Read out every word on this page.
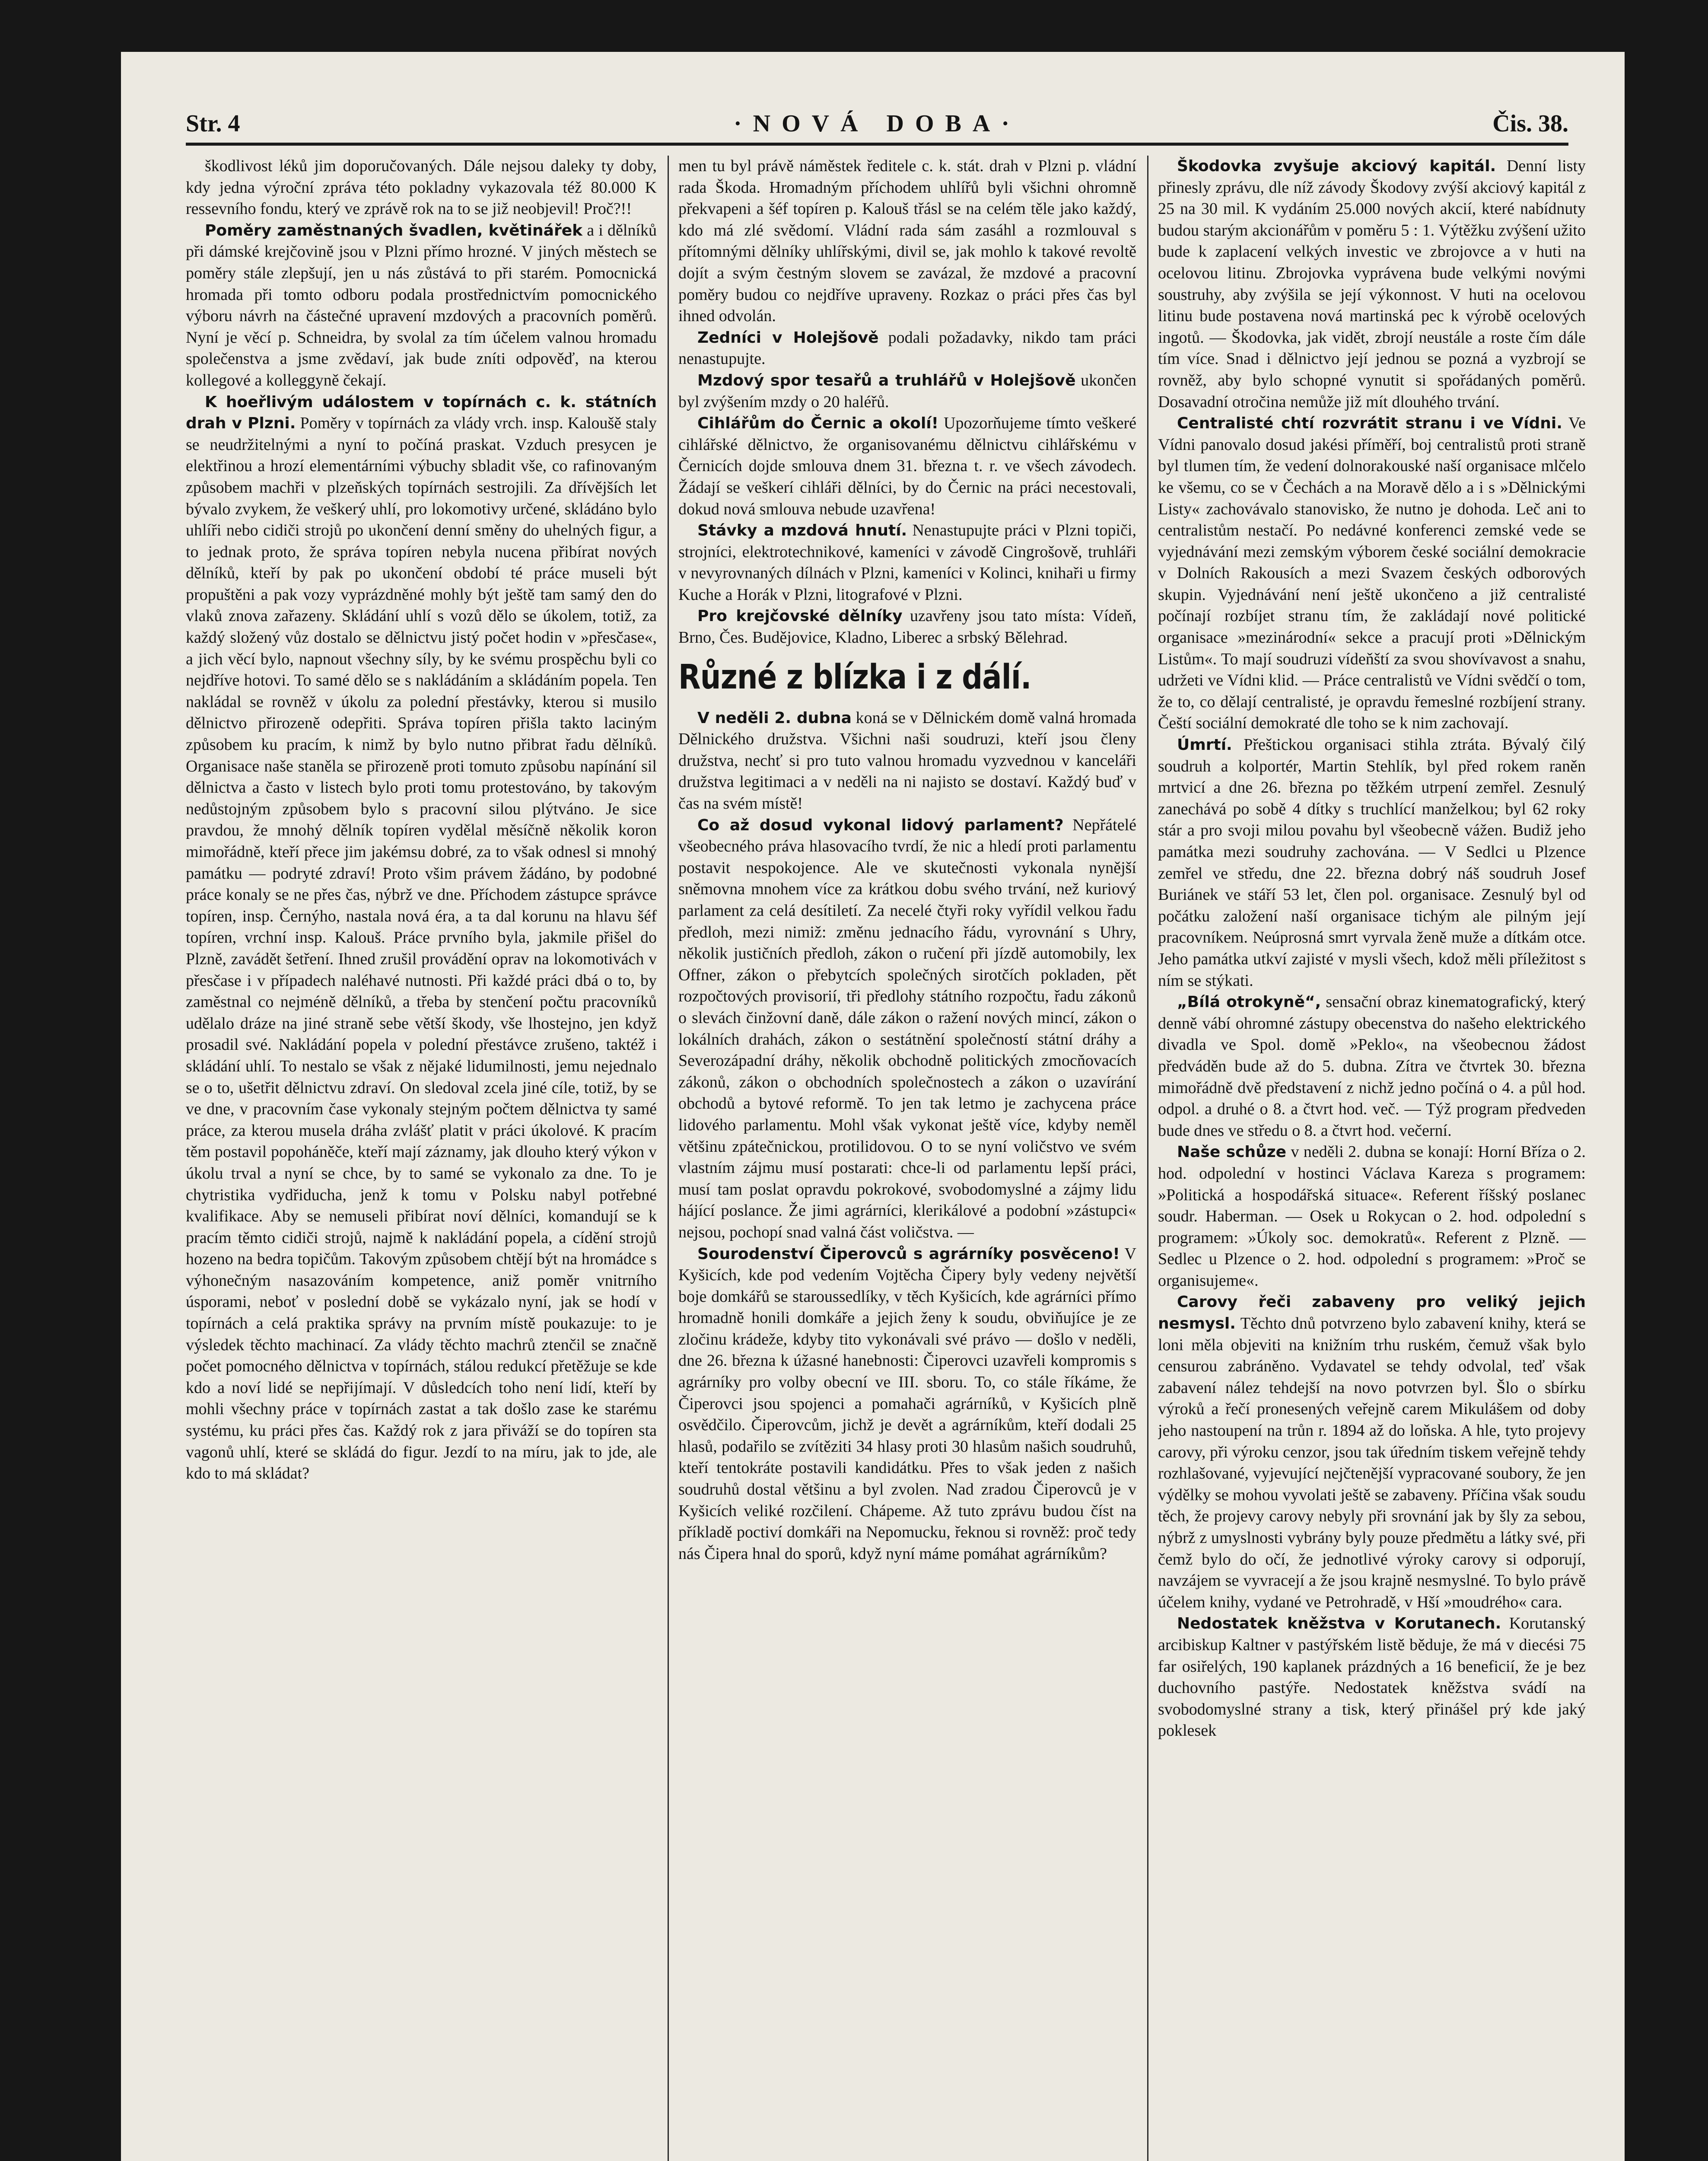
Str. 4	·NOVÁ DOBA·	Čis. 38.

škodlivost léků jim doporučovaných. Dále nejsou daleky ty doby, kdy jedna výroční zpráva této pokladny vykazovala též 80.000 K ressevního fondu, který ve zprávě rok na to se již neobjevil! Proč?!!

Poměry zaměstnaných švadlen, květinářek a i dělníků při dámské krejčovině jsou v Plzni přímo hrozné. V jiných městech se poměry stále zlepšují, jen u nás zůstává to při starém. Pomocnická hromada při tomto odboru podala prostřednictvím pomocnického výboru návrh na částečné upravení mzdových a pracovních poměrů. Nyní je věcí p. Schneidra, by svolal za tím účelem valnou hromadu společenstva a jsme zvědaví, jak bude zníti odpověď, na kterou kollegové a kolleggyně čekají.

K hoeřlivým událostem v topírnách c. k. státních drah v Plzni. Poměry v topírnách za vlády vrch. insp. Kaloušě staly se neudržitelnými a nyní to počíná praskat. Vzduch presycen je elektřinou a hrozí elementárními výbuchy sbladit vše, co rafinovaným způsobem machři v plzeňských topírnách sestrojili. Za dřívějších let bývalo zvykem, že veškerý uhlí, pro lokomotivy určené, skládáno bylo uhlíři nebo cidiči strojů po ukončení denní směny do uhelných figur, a to jednak proto, že správa topíren nebyla nucena přibírat nových dělníků, kteří by pak po ukončení období té práce museli být propuštěni a pak vozy vyprázdněné mohly být ještě tam samý den do vlaků znova zařazeny. Skládání uhlí s vozů dělo se úkolem, totiž, za každý složený vůz dostalo se dělnictvu jistý počet hodin v »přesčase«, a jich věcí bylo, napnout všechny síly, by ke svému prospěchu byli co nejdříve hotovi. To samé dělo se s nakládáním a skládáním popela. Ten nakládal se rovněž v úkolu za polední přestávky, kterou si musilo dělnictvo přirozeně odepřiti. Správa topíren přišla takto laciným způsobem ku pracím, k nimž by bylo nutno přibrat řadu dělníků. Organisace naše staněla se přirozeně proti tomuto způsobu napínání sil dělnictva a často v listech bylo proti tomu protestováno, by takovým nedůstojným způsobem bylo s pracovní silou plýtváno. Je sice pravdou, že mnohý dělník topíren vydělal měsíčně několik koron mimořádně, kteří přece jim jakémsu dobré, za to však odnesl si mnohý památku — podryté zdraví! Proto všim právem žádáno, by podobné práce konaly se ne přes čas, nýbrž ve dne. Příchodem zástupce správce topíren, insp. Černýho, nastala nová éra, a ta dal korunu na hlavu šéf topíren, vrchní insp. Kalouš. Práce prvního byla, jakmile přišel do Plzně, zavádět šetření. Ihned zrušil provádění oprav na lokomotivách v přesčase i v případech naléhavé nutnosti. Při každé práci dbá o to, by zaměstnal co nejméně dělníků, a třeba by stenčení počtu pracovníků udělalo dráze na jiné straně sebe větší škody, vše lhostejno, jen když prosadil své. Nakládání popela v polední přestávce zrušeno, taktéž i skládání uhlí. To nestalo se však z nějaké lidumilnosti, jemu nejednalo se o to, ušetřit dělnictvu zdraví. On sledoval zcela jiné cíle, totiž, by se ve dne, v pracovním čase vykonaly stejným počtem dělnictva ty samé práce, za kterou musela dráha zvlášť platit v práci úkolové. K pracím těm postavil popoháněče, kteří mají záznamy, jak dlouho který výkon v úkolu trval a nyní se chce, by to samé se vykonalo za dne. To je chytristika vydřiducha, jenž k tomu v Polsku nabyl potřebné kvalifikace. Aby se nemuseli přibírat noví dělníci, komandují se k pracím těmto cidiči strojů, najmě k nakládání popela, a cídění strojů hozeno na bedra topičům. Takovým způsobem chtějí být na hromádce s výhonečným nasazováním kompetence, aniž poměr vnitrního úsporami, neboť v poslední době se vykázalo nyní, jak se hodí v topírnách a celá praktika správy na prvním místě poukazuje: to je výsledek těchto machinací. Za vlády těchto machrů ztenčil se značně počet pomocného dělnictva v topírnách, stálou redukcí přetěžuje se kde kdo a noví lidé se nepřijímají. V důsledcích toho není lidí, kteří by mohli všechny práce v topírnách zastat a tak došlo zase ke starému systému, ku práci přes čas. Každý rok z jara přiváží se do topíren sta vagonů uhlí, které se skládá do figur. Jezdí to na míru, jak to jde, ale kdo to má skládat?

men tu byl právě náměstek ředitele c. k. stát. drah v Plzni p. vládní rada Škoda. Hromadným příchodem uhlířů byli všichni ohromně překvapeni a šéf topíren p. Kalouš třásl se na celém těle jako každý, kdo má zlé svědomí. Vládní rada sám zasáhl a rozmlouval s přítomnými dělníky uhlířskými, divil se, jak mohlo k takové revoltě dojít a svým čestným slovem se zavázal, že mzdové a pracovní poměry budou co nejdříve upraveny. Rozkaz o práci přes čas byl ihned odvolán.

Zedníci v Holejšově podali požadavky, nikdo tam práci nenastupujte.

Mzdový spor tesařů a truhlářů v Holejšově ukončen byl zvýšením mzdy o 20 haléřů.

Cihlářům do Černic a okolí! Upozorňujeme tímto veškeré cihlářské dělnictvo, že organisovanému dělnictvu cihlářskému v Černicích dojde smlouva dnem 31. března t. r. ve všech závodech. Žádají se veškerí cihláři dělníci, by do Černic na práci necestovali, dokud nová smlouva nebude uzavřena!

Stávky a mzdová hnutí. Nenastupujte práci v Plzni topiči, strojníci, elektrotechnikové, kameníci v závodě Cingrošově, truhláři v nevyrovnaných dílnách v Plzni, kameníci v Kolinci, knihaři u firmy Kuche a Horák v Plzni, litografové v Plzni.

Pro krejčovské dělníky uzavřeny jsou tato místa: Vídeň, Brno, Čes. Budějovice, Kladno, Liberec a srbský Bělehrad.

Různé z blízka i z dálí.

V neděli 2. dubna koná se v Dělnickém domě valná hromada Dělnického družstva. Všichni naši soudruzi, kteří jsou členy družstva, nechť si pro tuto valnou hromadu vyzvednou v kanceláři družstva legitimaci a v neděli na ni najisto se dostaví. Každý buď v čas na svém místě!

Co až dosud vykonal lidový parlament? Nepřátelé všeobecného práva hlasovacího tvrdí, že nic a hledí proti parlamentu postavit nespokojence. Ale ve skutečnosti vykonala nynější sněmovna mnohem více za krátkou dobu svého trvání, než kuriový parlament za celá desítiletí. Za necelé čtyři roky vyřídil velkou řadu předloh, mezi nimiž: změnu jednacího řádu, vyrovnání s Uhry, několik justičních předloh, zákon o ručení při jízdě automobily, lex Offner, zákon o přebytcích společných sirotčích pokladen, pět rozpočtových provisorií, tři předlohy státního rozpočtu, řadu zákonů o slevách činžovní daně, dále zákon o ražení nových mincí, zákon o lokálních drahách, zákon o sestátnění společností státní dráhy a Severozápadní dráhy, několik obchodně politických zmocňovacích zákonů, zákon o obchodních společnostech a zákon o uzavírání obchodů a bytové reformě. To jen tak letmo je zachycena práce lidového parlamentu. Mohl však vykonat ještě více, kdyby neměl většinu zpátečnickou, protilidovou. O to se nyní voličstvo ve svém vlastním zájmu musí postarati: chce-li od parlamentu lepší práci, musí tam poslat opravdu pokrokové, svobodomyslné a zájmy lidu hájící poslance. Že jimi agrárníci, klerikálové a podobní »zástupci« nejsou, pochopí snad valná část voličstva. —

Sourodenství Čiperovců s agrárníky posvěceno! V Kyšicích, kde pod vedením Vojtěcha Čipery byly vedeny největší boje domkářů se staroussedlíky, v těch Kyšicích, kde agrárníci přímo hromadně honili domkáře a jejich ženy k soudu, obviňujíce je ze zločinu krádeže, kdyby tito vykonávali své právo — došlo v neděli, dne 26. března k úžasné hanebnosti: Čiperovci uzavřeli kompromis s agrárníky pro volby obecní ve III. sboru. To, co stále říkáme, že Čiperovci jsou spojenci a pomahači agrárníků, v Kyšicích plně osvědčilo. Čiperovcům, jichž je devět a agrárníkům, kteří dodali 25 hlasů, podařilo se zvítěziti 34 hlasy proti 30 hlasům našich soudruhů, kteří tentokráte postavili kandidátku. Přes to však jeden z našich soudruhů dostal většinu a byl zvolen. Nad zradou Čiperovců je v Kyšicích veliké rozčilení. Chápeme. Až tuto zprávu budou číst na příkladě poctiví domkáři na Nepomucku, řeknou si rovněž: proč tedy nás Čipera hnal do sporů, když nyní máme pomáhat agrárníkům?

Škodovka zvyšuje akciový kapitál. Denní listy přinesly zprávu, dle níž závody Škodovy zvýší akciový kapitál z 25 na 30 mil. K vydáním 25.000 nových akcií, které nabídnuty budou starým akcionářům v poměru 5 : 1. Výtěžku zvýšení užito bude k zaplacení velkých investic ve zbrojovce a v huti na ocelovou litinu. Zbrojovka vyprávena bude velkými novými soustruhy, aby zvýšila se její výkonnost. V huti na ocelovou litinu bude postavena nová martinská pec k výrobě ocelových ingotů. — Škodovka, jak vidět, zbrojí neustále a roste čím dále tím více. Snad i dělnictvo její jednou se pozná a vyzbrojí se rovněž, aby bylo schopné vynutit si spořádaných poměrů. Dosavadní otročina nemůže již mít dlouhého trvání.

Centralisté chtí rozvrátit stranu i ve Vídni. Ve Vídni panovalo dosud jakési příměří, boj centralistů proti straně byl tlumen tím, že vedení dolnorakouské naší organisace mlčelo ke všemu, co se v Čechách a na Moravě dělo a i s »Dělnickými Listy« zachovávalo stanovisko, že nutno je dohoda. Leč ani to centralistům nestačí. Po nedávné konferenci zemské vede se vyjednávání mezi zemským výborem české sociální demokracie v Dolních Rakousích a mezi Svazem českých odborových skupin. Vyjednávání není ještě ukončeno a již centralisté počínají rozbíjet stranu tím, že zakládají nové politické organisace »mezinárodní« sekce a pracují proti »Dělnickým Listům«. To mají soudruzi vídeňští za svou shovívavost a snahu, udržeti ve Vídni klid. — Práce centralistů ve Vídni svědčí o tom, že to, co dělají centralisté, je opravdu řemeslné rozbíjení strany. Čeští sociální demokraté dle toho se k nim zachovají.

Úmrtí. Přeštickou organisaci stihla ztráta. Bývalý čilý soudruh a kolportér, Martin Stehlík, byl před rokem raněn mrtvicí a dne 26. března po těžkém utrpení zemřel. Zesnulý zanechává po sobě 4 dítky s truchlící manželkou; byl 62 roky stár a pro svoji milou povahu byl všeobecně vážen. Budiž jeho památka mezi soudruhy zachována. — V Sedlci u Plzence zemřel ve středu, dne 22. března dobrý náš soudruh Josef Buriánek ve stáří 53 let, člen pol. organisace. Zesnulý byl od počátku založení naší organisace tichým ale pilným její pracovníkem. Neúprosná smrt vyrvala ženě muže a dítkám otce. Jeho památka utkví zajisté v mysli všech, kdož měli příležitost s ním se stýkati.

„Bílá otrokyně“, sensační obraz kinematografický, který denně vábí ohromné zástupy obecenstva do našeho elektrického divadla ve Spol. domě »Peklo«, na všeobecnou žádost předváděn bude až do 5. dubna. Zítra ve čtvrtek 30. března mimořádně dvě představení z nichž jedno počíná o 4. a půl hod. odpol. a druhé o 8. a čtvrt hod. več. — Týž program předveden bude dnes ve středu o 8. a čtvrt hod. večerní.

Naše schůze v neděli 2. dubna se konají: Horní Bříza o 2. hod. odpolední v hostinci Václava Kareza s programem: »Politická a hospodářská situace«. Referent říšský poslanec soudr. Haberman. — Osek u Rokycan o 2. hod. odpolední s programem: »Úkoly soc. demokratů«. Referent z Plzně. — Sedlec u Plzence o 2. hod. odpolední s programem: »Proč se organisujeme«.

Carovy řeči zabaveny pro veliký jejich nesmysl. Těchto dnů potvrzeno bylo zabavení knihy, která se loni měla objeviti na knižním trhu ruském, čemuž však bylo censurou zabráněno. Vydavatel se tehdy odvolal, teď však zabavení nález tehdejší na novo potvrzen byl. Šlo o sbírku výroků a řečí pronesených veřejně carem Mikulášem od doby jeho nastoupení na trůn r. 1894 až do loňska. A hle, tyto projevy carovy, při výroku cenzor, jsou tak úředním tiskem veřejně tehdy rozhlašované, vyjevující nejčtenější vypracované soubory, že jen výdělky se mohou vyvolati ještě se zabaveny. Příčina však soudu těch, že projevy carovy nebyly při srovnání jak by šly za sebou, nýbrž z umyslnosti vybrány byly pouze předmětu a látky své, při čemž bylo do očí, že jednotlivé výroky carovy si odporují, navzájem se vyvracejí a že jsou krajně nesmyslné. To bylo právě účelem knihy, vydané ve Petrohradě, v Hší »moudrého« cara.

Nedostatek kněžstva v Korutanech. Korutanský arcibiskup Kaltner v pastýřském listě běduje, že má v diecési 75 far osiřelých, 190 kaplanek prázdných a 16 beneficií, že je bez duchovního pastýře. Nedostatek kněžstva svádí na svobodomyslné strany a tisk, který přinášel prý kde jaký poklesek
